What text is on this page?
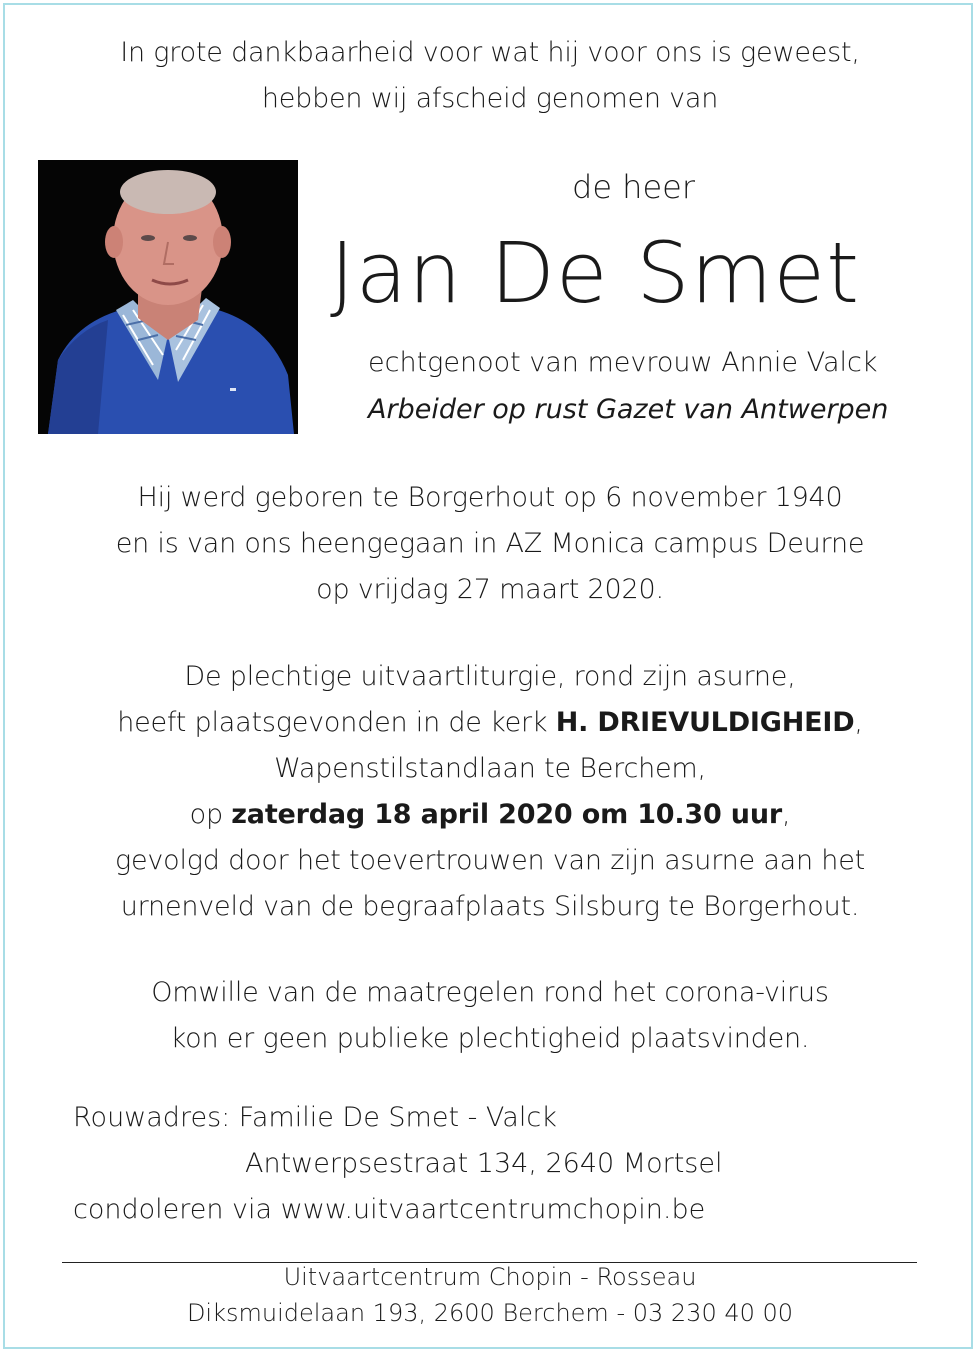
In grote dankbaarheid voor wat hij voor ons is geweest,
hebben wij afscheid genomen van
de heer
Jan De Smet
echtgenoot van mevrouw Annie Valck
Arbeider op rust Gazet van Antwerpen
Hij werd geboren te Borgerhout op 6 november 1940
en is van ons heengegaan in AZ Monica campus Deurne
op vrijdag 27 maart 2020.
De plechtige uitvaartliturgie, rond zijn asurne,
heeft plaatsgevonden in de kerk H. DRIEVULDIGHEID,
Wapenstilstandlaan te Berchem,
op zaterdag 18 april 2020 om 10.30 uur,
gevolgd door het toevertrouwen van zijn asurne aan het
urnenveld van de begraafplaats Silsburg te Borgerhout.
Omwille van de maatregelen rond het corona-virus
kon er geen publieke plechtigheid plaatsvinden.
Rouwadres: Familie De Smet - Valck
Antwerpsestraat 134, 2640 Mortsel
condoleren via www.uitvaartcentrumchopin.be
Uitvaartcentrum Chopin - Rosseau
Diksmuidelaan 193, 2600 Berchem - 03 230 40 00
